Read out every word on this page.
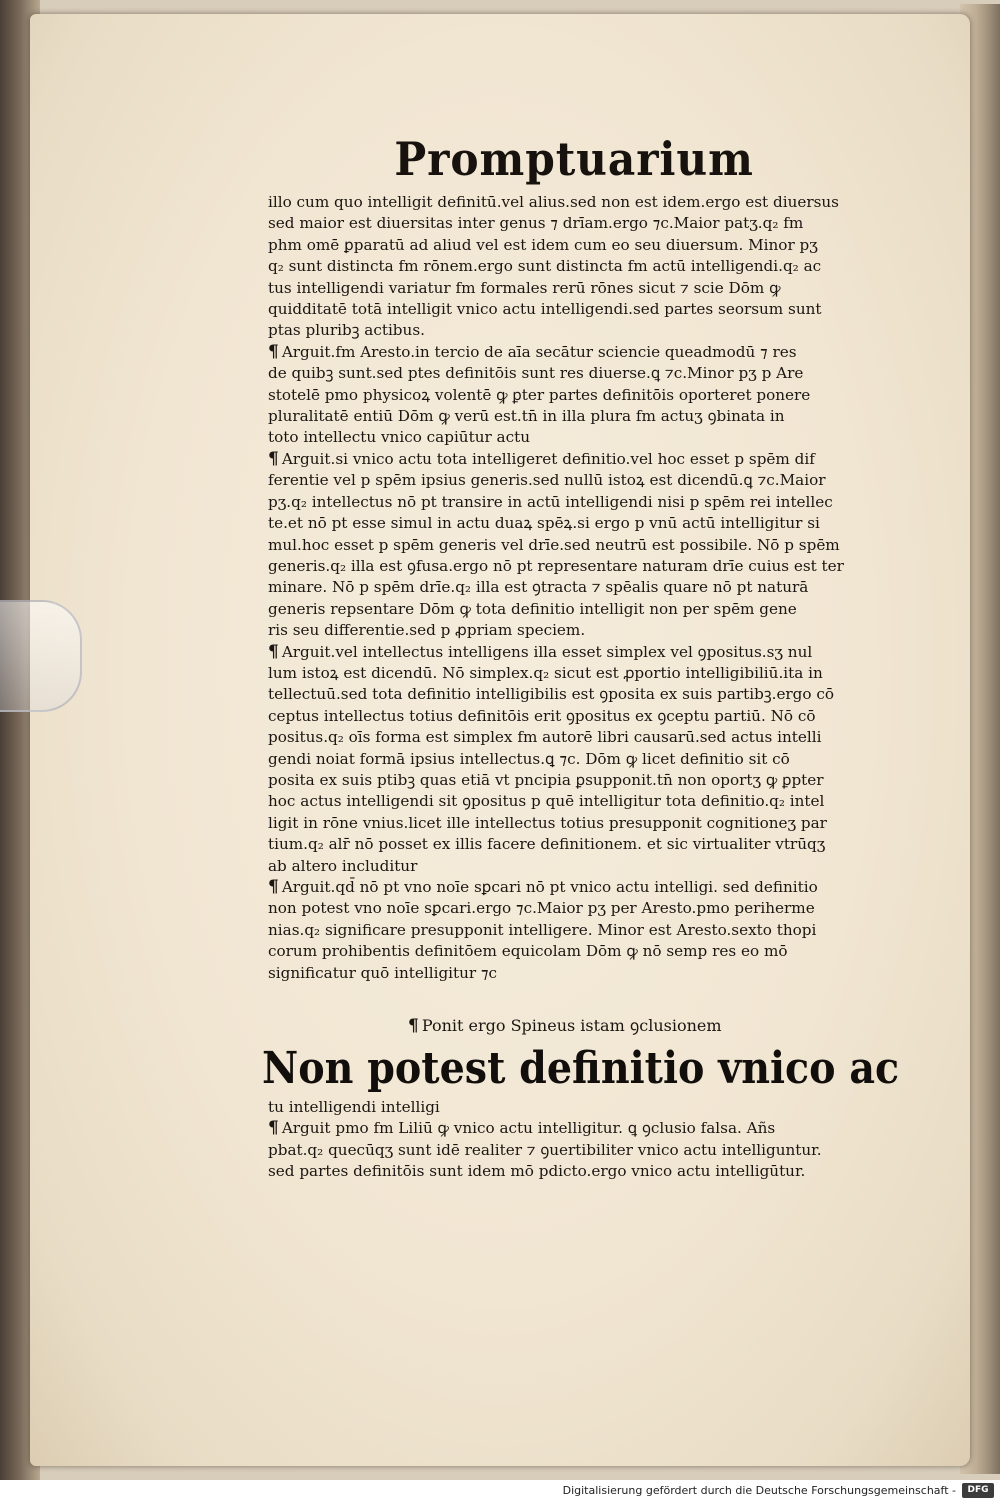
Promptuarium
illo cum quo intelligit definitū.vel alius.sed non est idem.ergo est diuersus
sed maior est diuersitas inter genus ⁊ drīam.ergo ⁊c.Maior patʒ.q₂ fm
phm omē ꝑparatū ad aliud vel est idem cum eo seu diuersum. Minor pʒ
q₂ sunt distincta fm rōnem.ergo sunt distincta fm actū intelligendi.q₂ ac
tus intelligendi variatur fm formales rerū rōnes sicut ⁊ scie Dōm ꝙ
quidditatē totā intelligit vnico actu intelligendi.sed partes seorsum sunt
ptas pluribꝫ actibus.
¶ Arguit.fm Aresto.in tercio de aīa secātur sciencie queadmodū ⁊ res
de quibꝫ sunt.sed ptes definitōis sunt res diuerse.ꝗ ⁊c.Minor pʒ p Are
stotelē pmo physicoꝝ volentē ꝙ ꝑter partes definitōis oporteret ponere
pluralitatē entiū Dōm ꝙ verū est.tn̄ in illa plura fm actuʒ ꝯbinata in
toto intellectu vnico capiūtur actu
¶ Arguit.si vnico actu tota intelligeret definitio.vel hoc esset p spēm dif
ferentie vel p spēm ipsius generis.sed nullū istoꝝ est dicendū.ꝗ ⁊c.Maior
pʒ.q₂ intellectus nō pt transire in actū intelligendi nisi p spēm rei intellec
te.et nō pt esse simul in actu duaꝝ spēꝝ.si ergo p vnū actū intelligitur si
mul.hoc esset p spēm generis vel drīe.sed neutrū est possibile. Nō p spēm
generis.q₂ illa est ꝯfusa.ergo nō pt representare naturam drīe cuius est ter
minare. Nō p spēm drīe.q₂ illa est ꝯtracta ⁊ spēalis quare nō pt naturā
generis repsentare Dōm ꝙ tota definitio intelligit non per spēm gene
ris seu differentie.sed p ꝓpriam speciem.
¶ Arguit.vel intellectus intelligens illa esset simplex vel ꝯpositus.sʒ nul
lum istoꝝ est dicendū. Nō simplex.q₂ sicut est ꝓportio intelligibiliū.ita in
tellectuū.sed tota definitio intelligibilis est ꝯposita ex suis partibꝫ.ergo cō
ceptus intellectus totius definitōis erit ꝯpositus ex ꝯceptu partiū. Nō cō
positus.q₂ oīs forma est simplex fm autorē libri causarū.sed actus intelli
gendi noiat formā ipsius intellectus.ꝗ ⁊c. Dōm ꝙ licet definitio sit cō
posita ex suis ptibꝫ quas etiā vt pncipia ꝑsupponit.tn̄ non oportʒ ꝙ ꝑpter
hoc actus intelligendi sit ꝯpositus p quē intelligitur tota definitio.q₂ intel
ligit in rōne vnius.licet ille intellectus totius presupponit cognitioneʒ par
tium.q₂ alr̄ nō posset ex illis facere definitionem. et sic virtualiter vtrūqʒ
ab altero includitur
¶ Arguit.qd̄ nō pt vno noīe sꝑcari nō pt vnico actu intelligi. sed definitio
non potest vno noīe sꝑcari.ergo ⁊c.Maior pʒ per Aresto.pmo periherme
nias.q₂ significare presupponit intelligere. Minor est Aresto.sexto thopi
corum prohibentis definitōem equicolam Dōm ꝙ nō semp res eo mō
significatur quō intelligitur ⁊c
¶ Ponit ergo Spineus istam ꝯclusionem
Non potest definitio vnico ac
tu intelligendi intelligi
¶ Arguit pmo fm Liliū ꝙ vnico actu intelligitur. ꝗ ꝯclusio falsa. Añs
pbat.q₂ quecūqʒ sunt idē realiter ⁊ ꝯuertibiliter vnico actu intelliguntur.
sed partes definitōis sunt idem mō pdicto.ergo vnico actu intelligūtur.
Digitalisierung gefördert durch die Deutsche Forschungsgemeinschaft -	DFG
